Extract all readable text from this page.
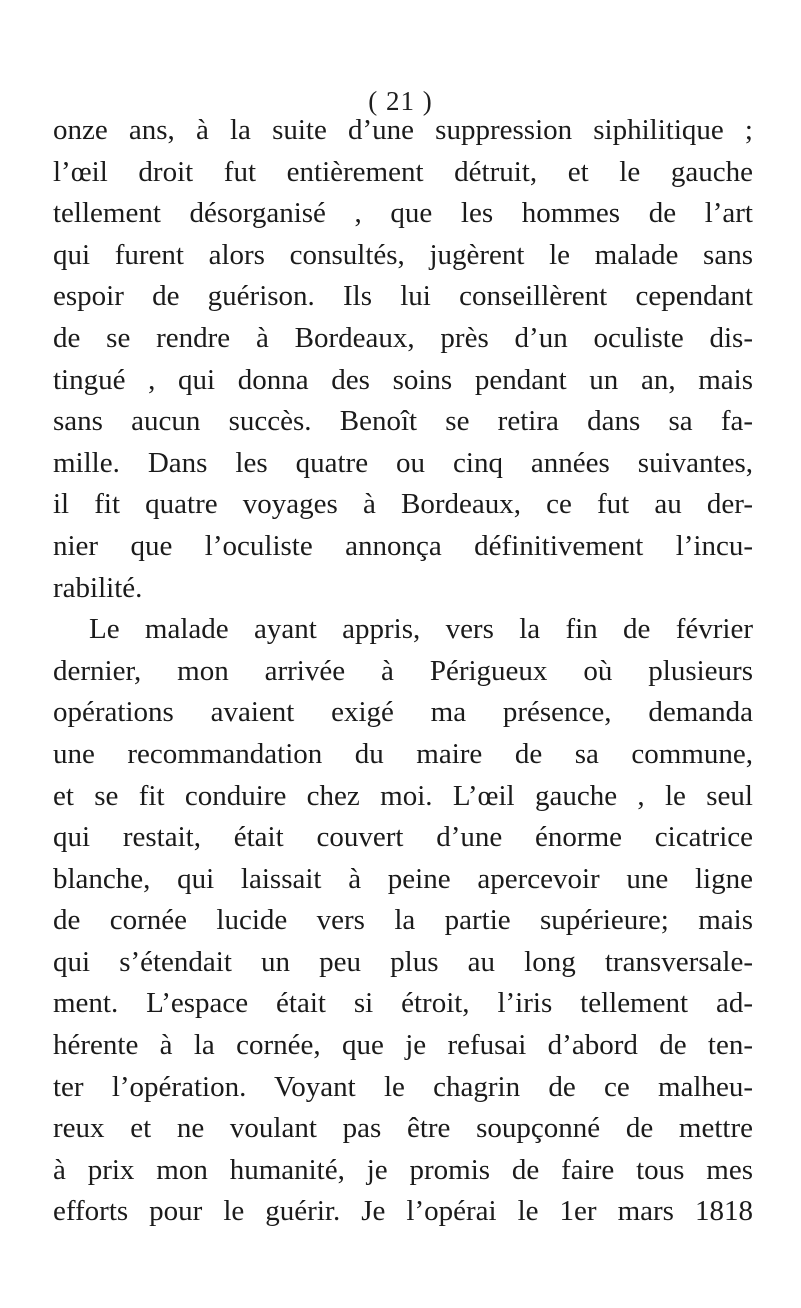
( 21 )
onze ans, à la suite d’une suppression siphilitique ;
l’œil droit fut entièrement détruit, et le gauche
tellement désorganisé , que les hommes de l’art
qui furent alors consultés, jugèrent le malade sans
espoir de guérison. Ils lui conseillèrent cependant
de se rendre à Bordeaux, près d’un oculiste dis-
tingué , qui donna des soins pendant un an, mais
sans aucun succès. Benoît se retira dans sa fa-
mille. Dans les quatre ou cinq années suivantes,
il fit quatre voyages à Bordeaux, ce fut au der-
nier que l’oculiste annonça définitivement l’incu-
rabilité.
Le malade ayant appris, vers la fin de février
dernier, mon arrivée à Périgueux où plusieurs
opérations avaient exigé ma présence, demanda
une recommandation du maire de sa commune,
et se fit conduire chez moi. L’œil gauche , le seul
qui restait, était couvert d’une énorme cicatrice
blanche, qui laissait à peine apercevoir une ligne
de cornée lucide vers la partie supérieure; mais
qui s’étendait un peu plus au long transversale-
ment. L’espace était si étroit, l’iris tellement ad-
hérente à la cornée, que je refusai d’abord de ten-
ter l’opération. Voyant le chagrin de ce malheu-
reux et ne voulant pas être soupçonné de mettre
à prix mon humanité, je promis de faire tous mes
efforts pour le guérir. Je l’opérai le 1er mars 1818
